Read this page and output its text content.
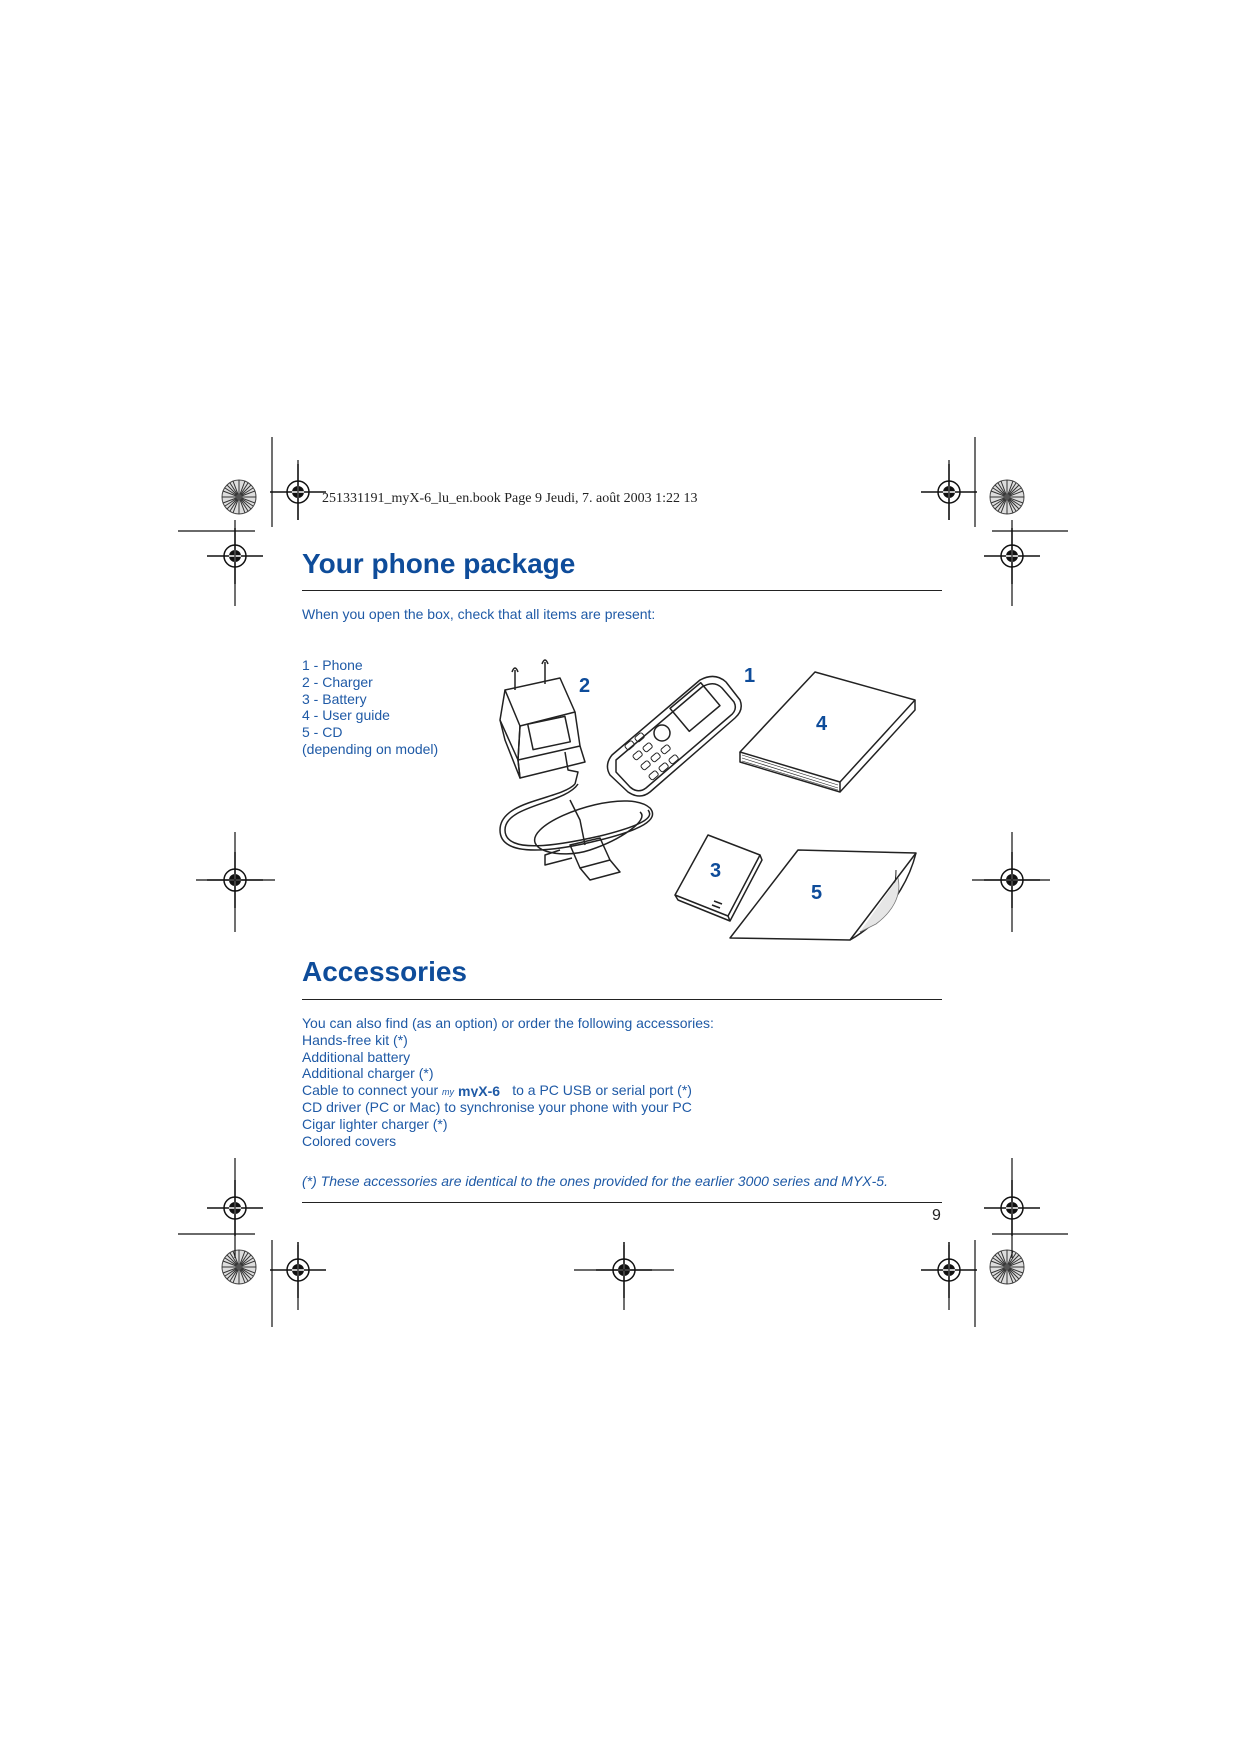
1
2
3
4
5
251331191_myX-6_lu_en.book Page 9 Jeudi, 7. août 2003 1:22 13
Your phone package
When you open the box, check that all items are present:
1 - Phone
2 - Charger
3 - Battery
4 - User guide
5 - CD
(depending on model)
Accessories
You can also find (as an option) or order the following accessories:
Hands-free kit (*)
Additional battery
Additional charger (*)
Cable to connect your my myX-6 to a PC USB or serial port (*)
CD driver (PC or Mac) to synchronise your phone with your PC
Cigar lighter charger (*)
Colored covers
(*) These accessories are identical to the ones provided for the earlier 3000 series and MYX-5.
9
